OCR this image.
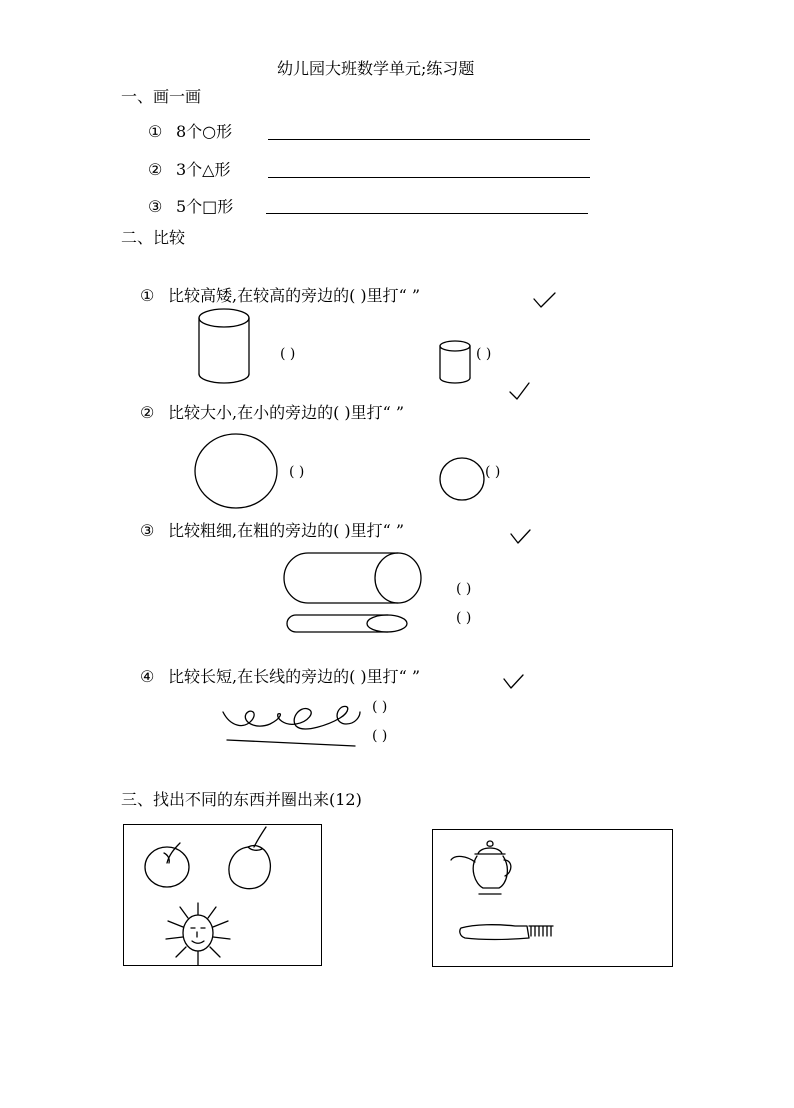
幼儿园大班数学单元;练习题
一、画一画
① 8个○形
② 3个△形
③ 5个□形
二、比较
① 比较高矮,在较高的旁边的( )里打“ ”
( )	( )
② 比较大小,在小的旁边的( )里打“ ”
( )	( )
③ 比较粗细,在粗的旁边的( )里打“ ”
( )
( )
④ 比较长短,在长线的旁边的( )里打“ ”
( )
( )
三、找出不同的东西并圈出来(12)
